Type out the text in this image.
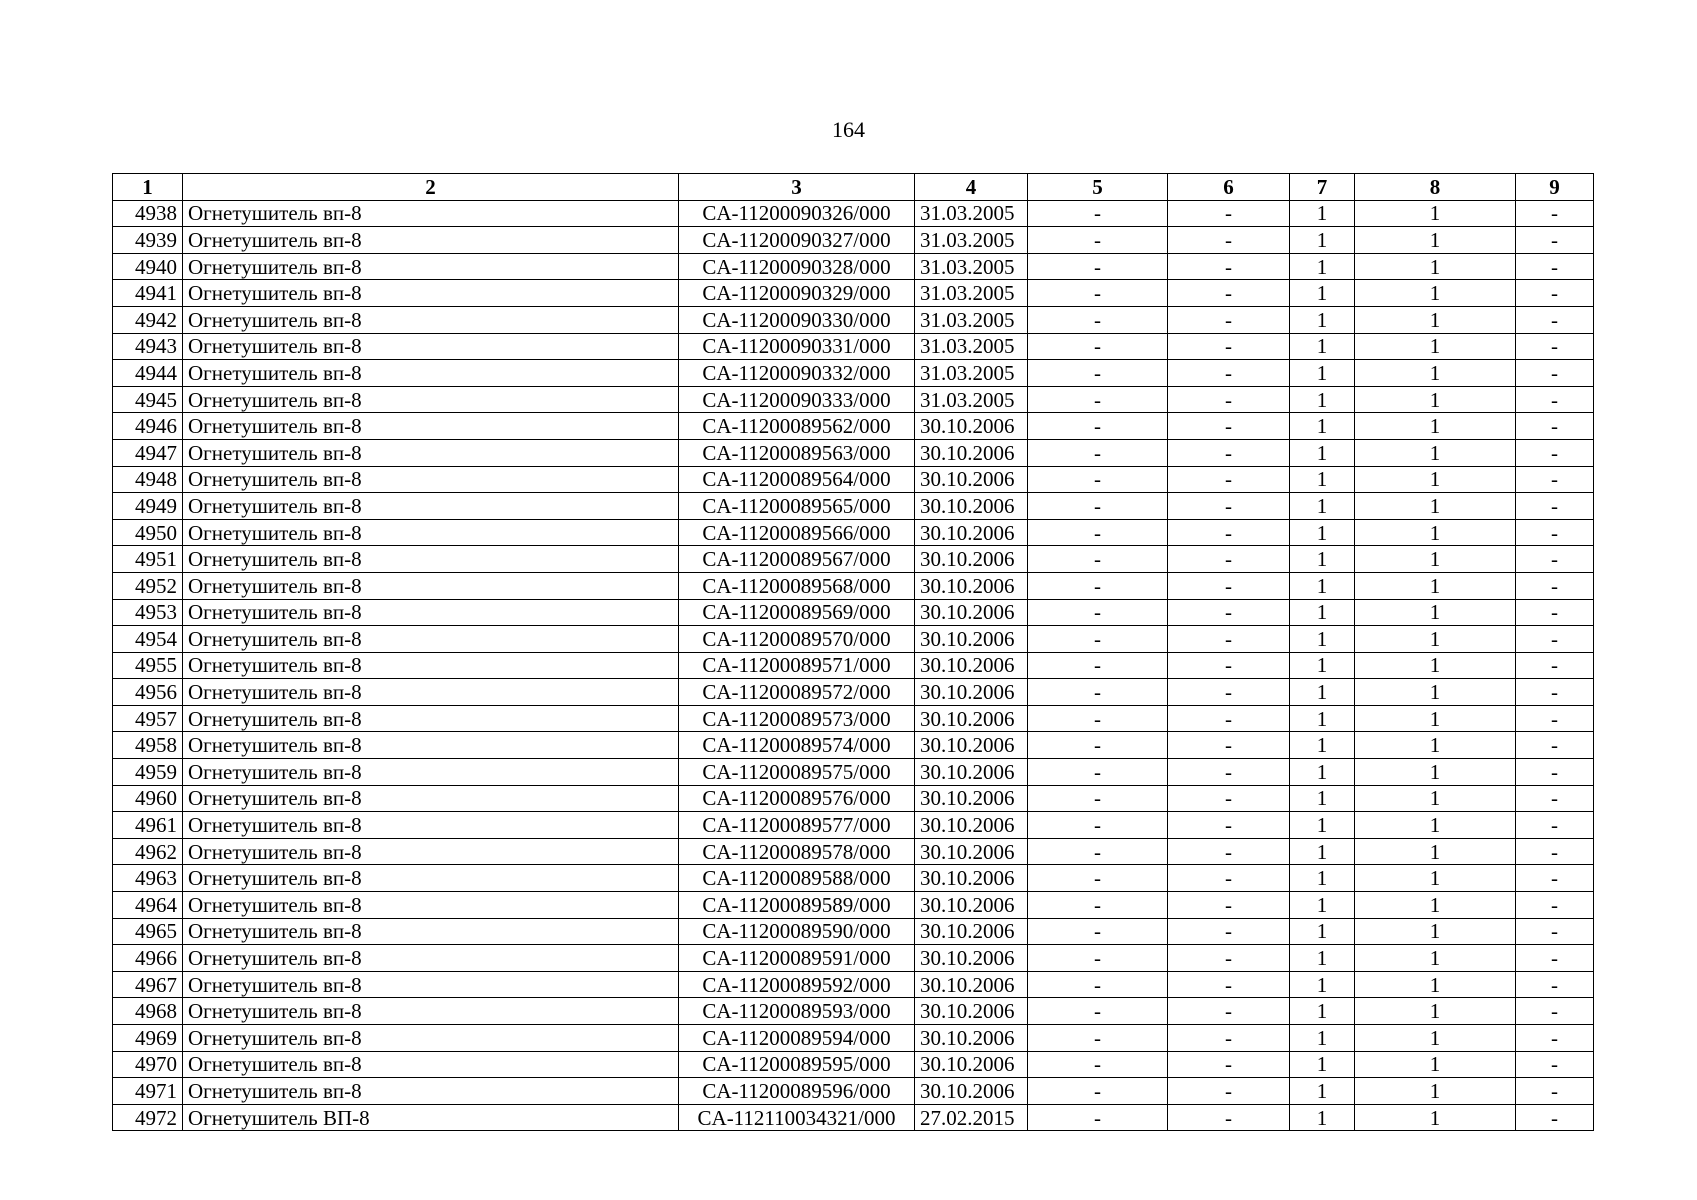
164
1	2	3	4	5	6	7	8	9
4938	Огнетушитель вп-8	CA-11200090326/000	31.03.2005	-	-	1	1	-
4939	Огнетушитель вп-8	CA-11200090327/000	31.03.2005	-	-	1	1	-
4940	Огнетушитель вп-8	CA-11200090328/000	31.03.2005	-	-	1	1	-
4941	Огнетушитель вп-8	CA-11200090329/000	31.03.2005	-	-	1	1	-
4942	Огнетушитель вп-8	CA-11200090330/000	31.03.2005	-	-	1	1	-
4943	Огнетушитель вп-8	CA-11200090331/000	31.03.2005	-	-	1	1	-
4944	Огнетушитель вп-8	CA-11200090332/000	31.03.2005	-	-	1	1	-
4945	Огнетушитель вп-8	CA-11200090333/000	31.03.2005	-	-	1	1	-
4946	Огнетушитель вп-8	CA-11200089562/000	30.10.2006	-	-	1	1	-
4947	Огнетушитель вп-8	CA-11200089563/000	30.10.2006	-	-	1	1	-
4948	Огнетушитель вп-8	CA-11200089564/000	30.10.2006	-	-	1	1	-
4949	Огнетушитель вп-8	CA-11200089565/000	30.10.2006	-	-	1	1	-
4950	Огнетушитель вп-8	CA-11200089566/000	30.10.2006	-	-	1	1	-
4951	Огнетушитель вп-8	CA-11200089567/000	30.10.2006	-	-	1	1	-
4952	Огнетушитель вп-8	CA-11200089568/000	30.10.2006	-	-	1	1	-
4953	Огнетушитель вп-8	CA-11200089569/000	30.10.2006	-	-	1	1	-
4954	Огнетушитель вп-8	CA-11200089570/000	30.10.2006	-	-	1	1	-
4955	Огнетушитель вп-8	CA-11200089571/000	30.10.2006	-	-	1	1	-
4956	Огнетушитель вп-8	CA-11200089572/000	30.10.2006	-	-	1	1	-
4957	Огнетушитель вп-8	CA-11200089573/000	30.10.2006	-	-	1	1	-
4958	Огнетушитель вп-8	CA-11200089574/000	30.10.2006	-	-	1	1	-
4959	Огнетушитель вп-8	CA-11200089575/000	30.10.2006	-	-	1	1	-
4960	Огнетушитель вп-8	CA-11200089576/000	30.10.2006	-	-	1	1	-
4961	Огнетушитель вп-8	CA-11200089577/000	30.10.2006	-	-	1	1	-
4962	Огнетушитель вп-8	CA-11200089578/000	30.10.2006	-	-	1	1	-
4963	Огнетушитель вп-8	CA-11200089588/000	30.10.2006	-	-	1	1	-
4964	Огнетушитель вп-8	CA-11200089589/000	30.10.2006	-	-	1	1	-
4965	Огнетушитель вп-8	CA-11200089590/000	30.10.2006	-	-	1	1	-
4966	Огнетушитель вп-8	CA-11200089591/000	30.10.2006	-	-	1	1	-
4967	Огнетушитель вп-8	CA-11200089592/000	30.10.2006	-	-	1	1	-
4968	Огнетушитель вп-8	CA-11200089593/000	30.10.2006	-	-	1	1	-
4969	Огнетушитель вп-8	CA-11200089594/000	30.10.2006	-	-	1	1	-
4970	Огнетушитель вп-8	CA-11200089595/000	30.10.2006	-	-	1	1	-
4971	Огнетушитель вп-8	CA-11200089596/000	30.10.2006	-	-	1	1	-
4972	Огнетушитель ВП-8	CA-112110034321/000	27.02.2015	-	-	1	1	-
